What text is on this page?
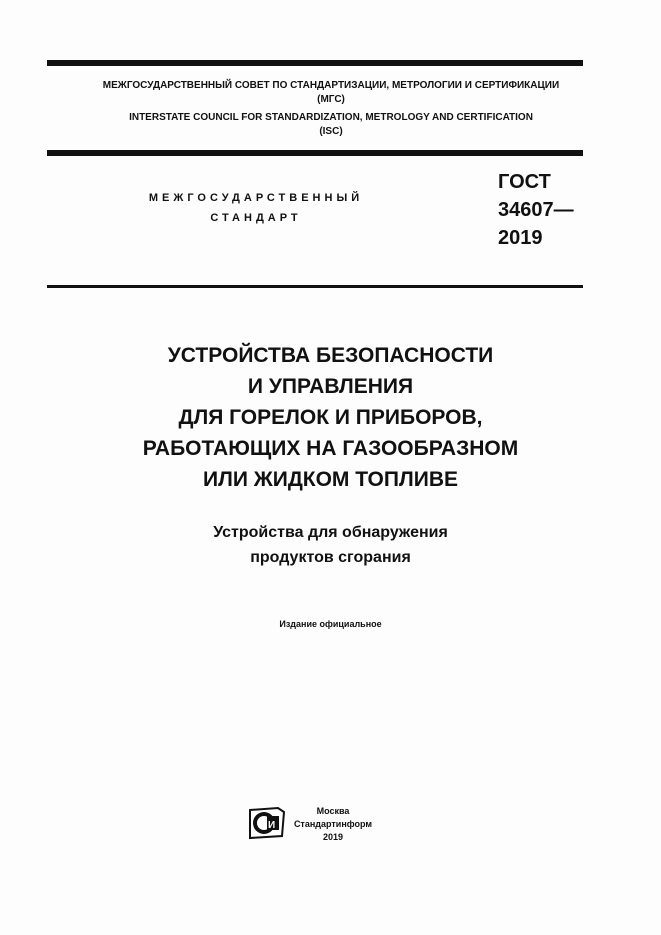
МЕЖГОСУДАРСТВЕННЫЙ СОВЕТ ПО СТАНДАРТИЗАЦИИ, МЕТРОЛОГИИ И СЕРТИФИКАЦИИ
(МГС)
INTERSTATE COUNCIL FOR STANDARDIZATION, METROLOGY AND CERTIFICATION
(ISC)
МЕЖГОСУДАРСТВЕННЫЙ
СТАНДАРТ
ГОСТ
34607—
2019
УСТРОЙСТВА БЕЗОПАСНОСТИ
И УПРАВЛЕНИЯ
ДЛЯ ГОРЕЛОК И ПРИБОРОВ,
РАБОТАЮЩИХ НА ГАЗООБРАЗНОМ
ИЛИ ЖИДКОМ ТОПЛИВЕ
Устройства для обнаружения
продуктов сгорания
Издание официальное
И
Москва
Стандартинформ
2019
